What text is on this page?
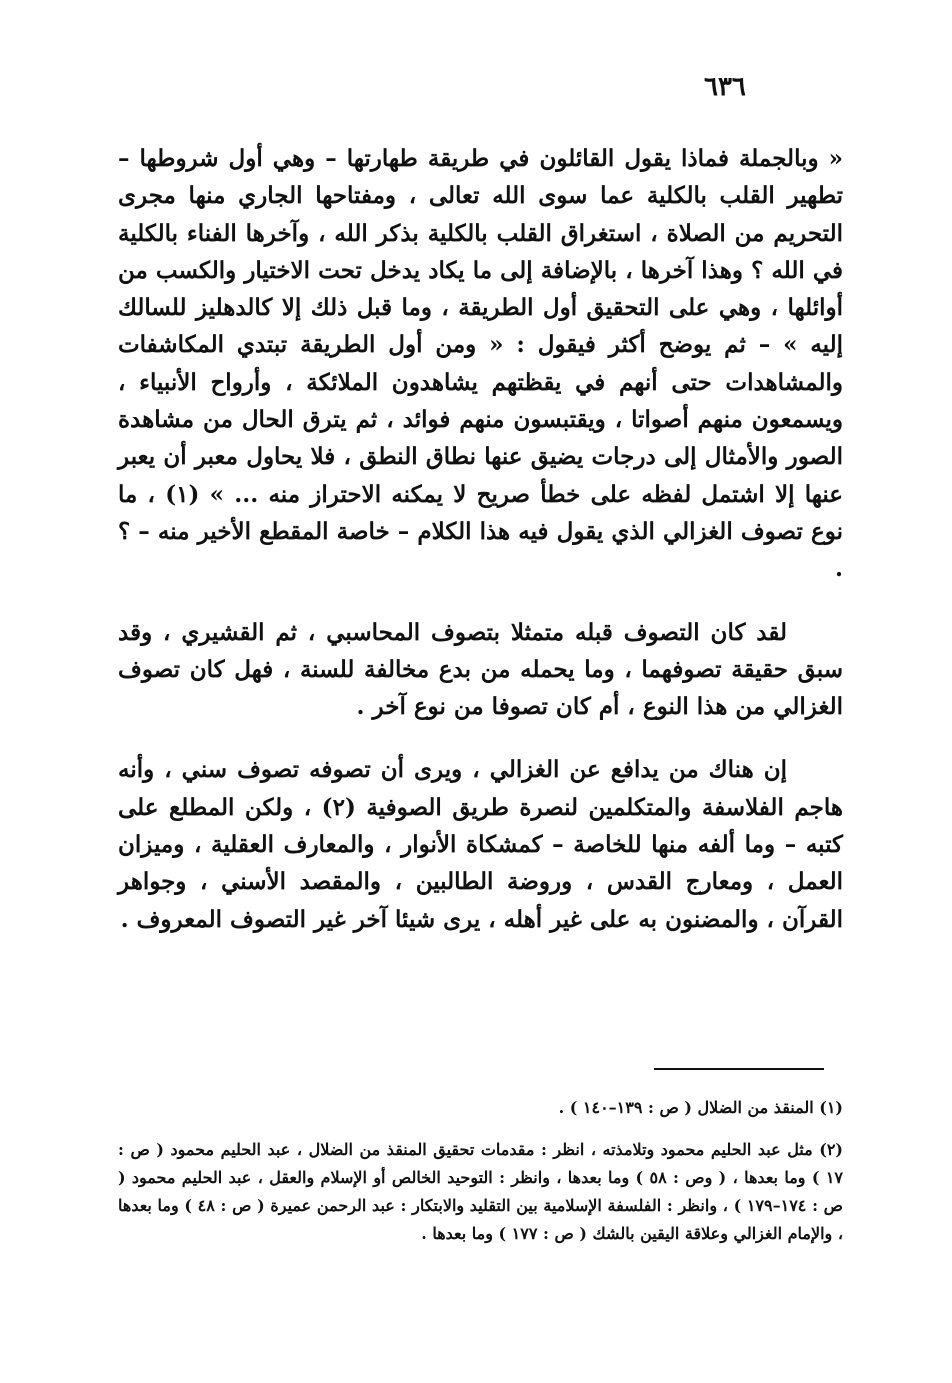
٦٣٦

« وبالجملة فماذا يقول القائلون في طريقة طهارتها – وهي أول شروطها – تطهير القلب بالكلية عما سوى الله تعالى ، ومفتاحها الجاري منها مجرى التحريم من الصلاة ، استغراق القلب بالكلية بذكر الله ، وآخرها الفناء بالكلية في الله ؟ وهذا آخرها ، بالإضافة إلى ما يكاد يدخل تحت الاختيار والكسب من أوائلها ، وهي على التحقيق أول الطريقة ، وما قبل ذلك إلا كالدهليز للسالك إليه » – ثم يوضح أكثر فيقول : « ومن أول الطريقة تبتدي المكاشفات والمشاهدات حتى أنهم في يقظتهم يشاهدون الملائكة ، وأرواح الأنبياء ، ويسمعون منهم أصواتا ، ويقتبسون منهم فوائد ، ثم يترق الحال من مشاهدة الصور والأمثال إلى درجات يضيق عنها نطاق النطق ، فلا يحاول معبر أن يعبر عنها إلا اشتمل لفظه على خطأ صريح لا يمكنه الاحتراز منه ... » (١) ، ما نوع تصوف الغزالي الذي يقول فيه هذا الكلام – خاصة المقطع الأخير منه – ؟ .

لقد كان التصوف قبله متمثلا بتصوف المحاسبي ، ثم القشيري ، وقد سبق حقيقة تصوفهما ، وما يحمله من بدع مخالفة للسنة ، فهل كان تصوف الغزالي من هذا النوع ، أم كان تصوفا من نوع آخر .

إن هناك من يدافع عن الغزالي ، ويرى أن تصوفه تصوف سني ، وأنه هاجم الفلاسفة والمتكلمين لنصرة طريق الصوفية (٢) ، ولكن المطلع على كتبه – وما ألفه منها للخاصة – كمشكاة الأنوار ، والمعارف العقلية ، وميزان العمل ، ومعارج القدس ، وروضة الطالبين ، والمقصد الأسني ، وجواهر القرآن ، والمضنون به على غير أهله ، يرى شيئا آخر غير التصوف المعروف .

(١) المنقذ من الضلال ( ص : ١٣٩–١٤٠ ) .

(٢) مثل عبد الحليم محمود وتلامذته ، انظر : مقدمات تحقيق المنقذ من الضلال ، عبد الحليم محمود ( ص : ١٧ ) وما بعدها ، ( وص : ٥٨ ) وما بعدها ، وانظر : التوحيد الخالص أو الإسلام والعقل ، عبد الحليم محمود ( ص : ١٧٤–١٧٩ ) ، وانظر : الفلسفة الإسلامية بين التقليد والابتكار : عبد الرحمن عميرة ( ص : ٤٨ ) وما بعدها ، والإمام الغزالي وعلاقة اليقين بالشك ( ص : ١٧٧ ) وما بعدها .
